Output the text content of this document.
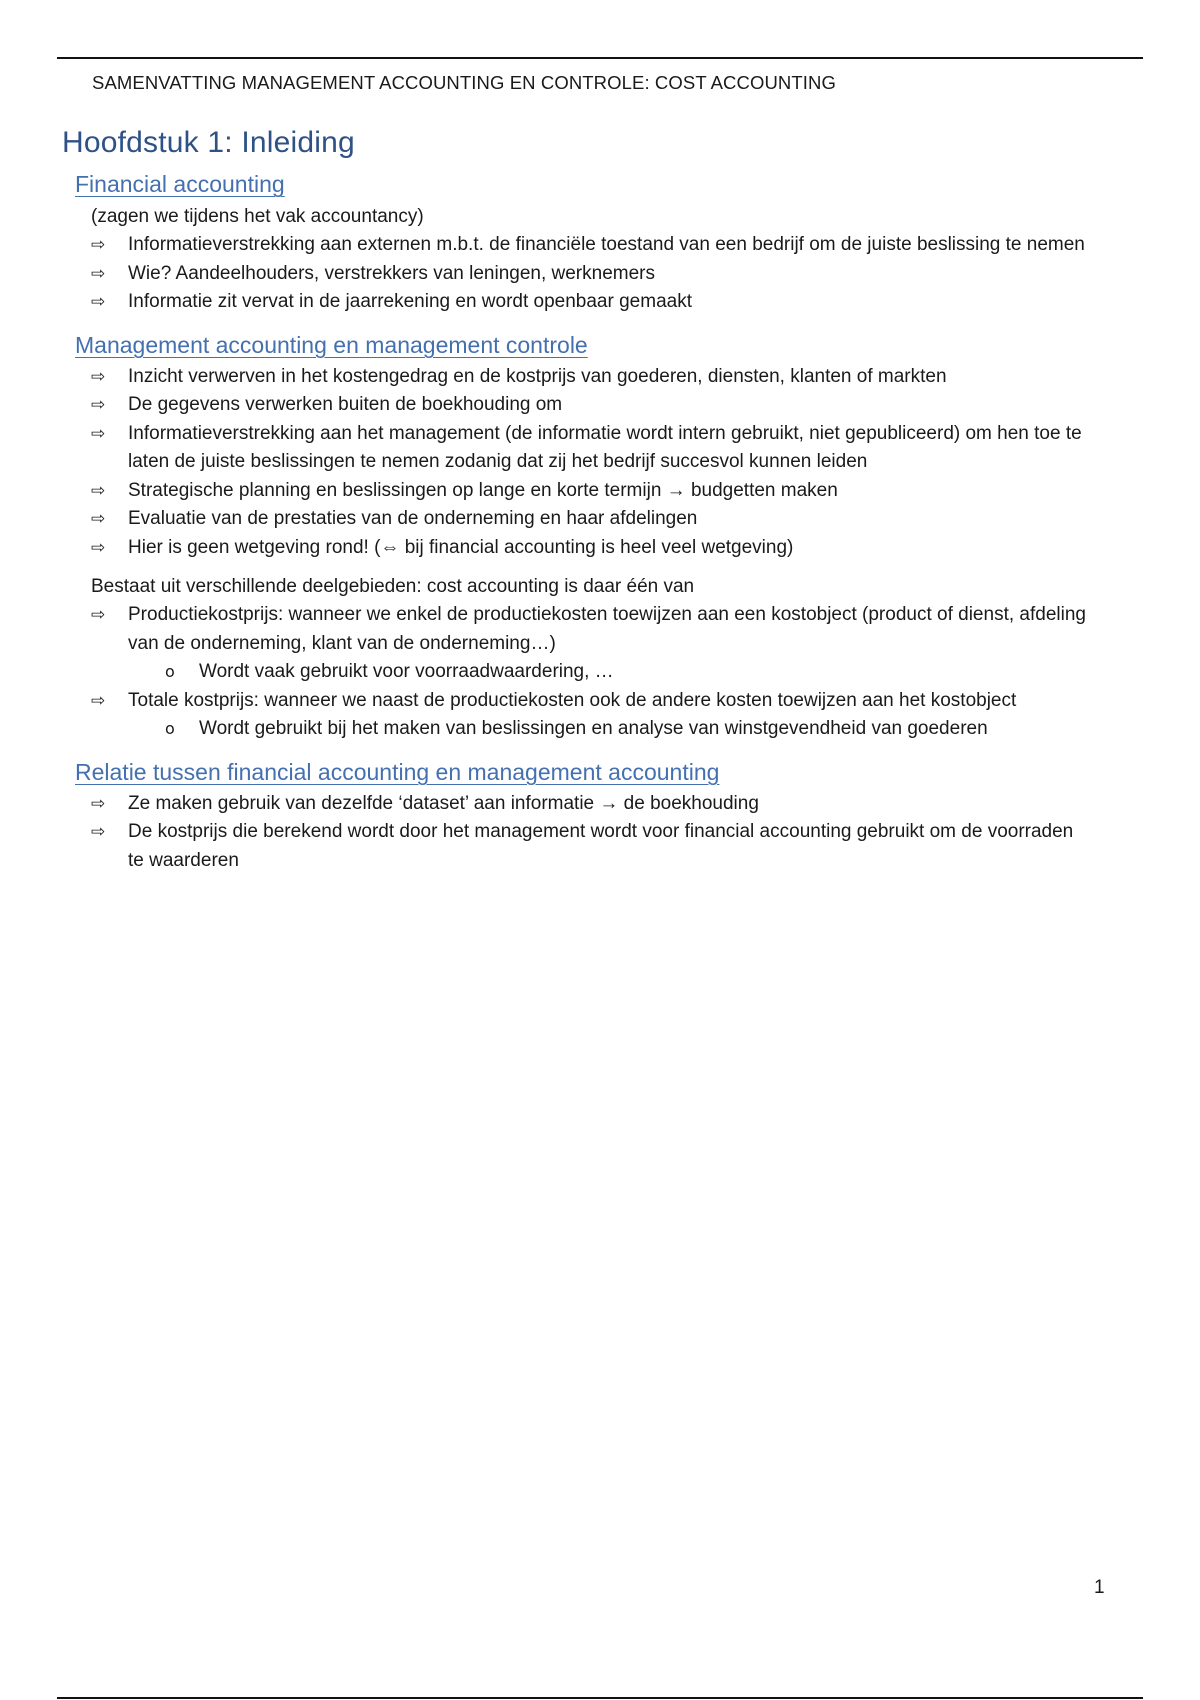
SAMENVATTING MANAGEMENT ACCOUNTING EN CONTROLE: COST ACCOUNTING
Hoofdstuk 1: Inleiding
Financial accounting
(zagen we tijdens het vak accountancy)
⇨ Informatieverstrekking aan externen m.b.t. de financiële toestand van een bedrijf om de juiste beslissing te nemen
⇨ Wie? Aandeelhouders, verstrekkers van leningen, werknemers
⇨ Informatie zit vervat in de jaarrekening en wordt openbaar gemaakt
Management accounting en management controle
⇨ Inzicht verwerven in het kostengedrag en de kostprijs van goederen, diensten, klanten of markten
⇨ De gegevens verwerken buiten de boekhouding om
⇨ Informatieverstrekking aan het management (de informatie wordt intern gebruikt, niet gepubliceerd) om hen toe te laten de juiste beslissingen te nemen zodanig dat zij het bedrijf succesvol kunnen leiden
⇨ Strategische planning en beslissingen op lange en korte termijn → budgetten maken
⇨ Evaluatie van de prestaties van de onderneming en haar afdelingen
⇨ Hier is geen wetgeving rond! (⇔ bij financial accounting is heel veel wetgeving)
Bestaat uit verschillende deelgebieden: cost accounting is daar één van
⇨ Productiekostprijs: wanneer we enkel de productiekosten toewijzen aan een kostobject (product of dienst, afdeling van de onderneming, klant van de onderneming…)
o Wordt vaak gebruikt voor voorraadwaardering, …
⇨ Totale kostprijs: wanneer we naast de productiekosten ook de andere kosten toewijzen aan het kostobject
o Wordt gebruikt bij het maken van beslissingen en analyse van winstgevendheid van goederen
Relatie tussen financial accounting en management accounting
⇨ Ze maken gebruik van dezelfde ‘dataset’ aan informatie → de boekhouding
⇨ De kostprijs die berekend wordt door het management wordt voor financial accounting gebruikt om de voorraden te waarderen
1
